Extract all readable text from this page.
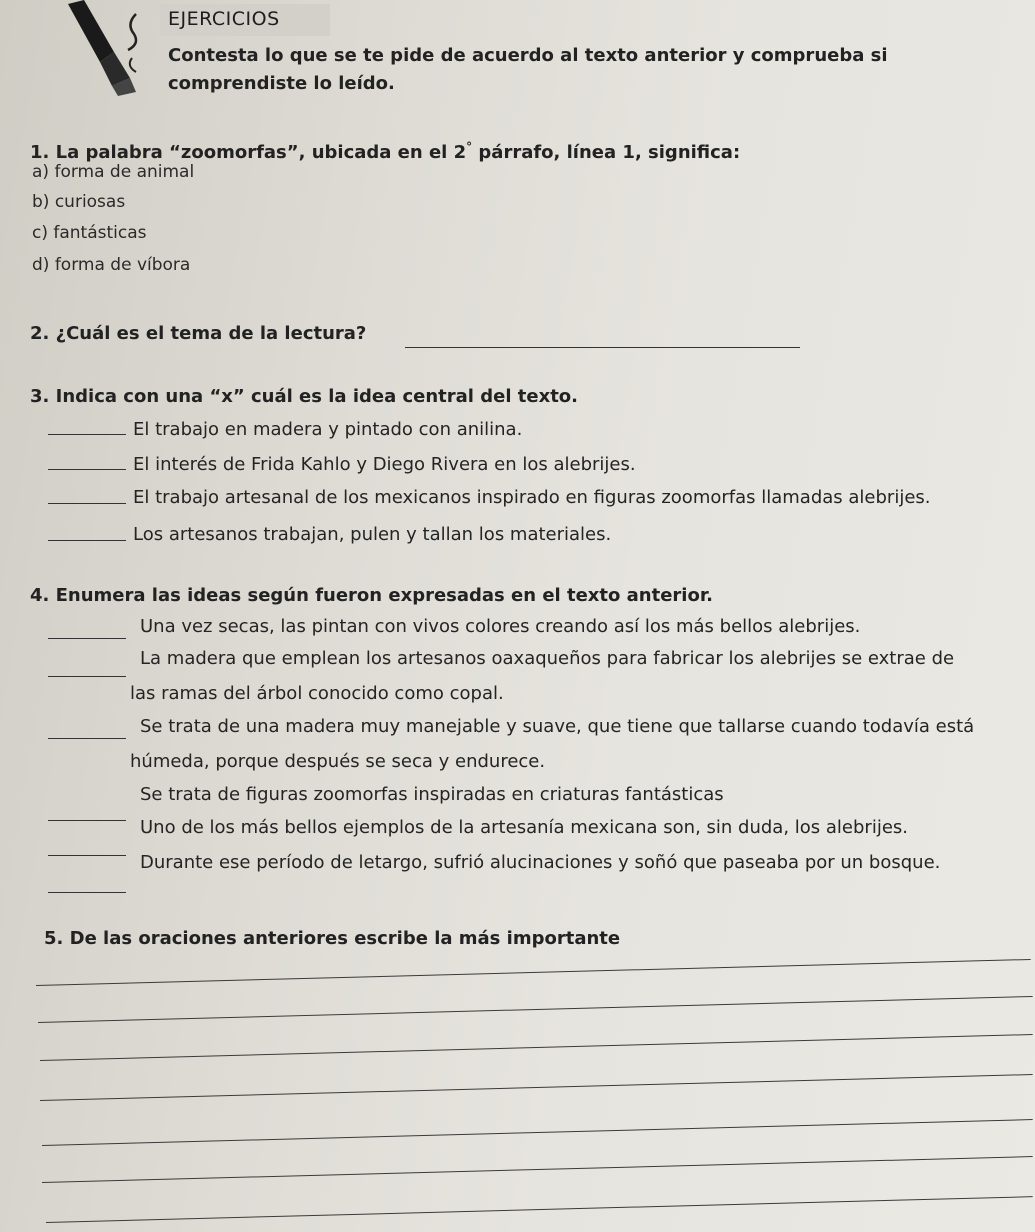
EJERCICIOS
Contesta lo que se te pide de acuerdo al texto anterior y comprueba si
comprendiste lo leído.
1. La palabra “zoomorfas”, ubicada en el 2° párrafo, línea 1, significa:
a) forma de animal
b) curiosas
c) fantásticas
d) forma de víbora
2. ¿Cuál es el tema de la lectura?
3. Indica con una “x” cuál es la idea central del texto.
El trabajo en madera y pintado con anilina.
El interés de Frida Kahlo y Diego Rivera en los alebrijes.
El trabajo artesanal de los mexicanos inspirado en figuras zoomorfas llamadas alebrijes.
Los artesanos trabajan, pulen y tallan los materiales.
4. Enumera las ideas según fueron expresadas en el texto anterior.
Una vez secas, las pintan con vivos colores creando así los más bellos alebrijes.
La madera que emplean los artesanos oaxaqueños para fabricar los alebrijes se extrae de
las ramas del árbol conocido como copal.
Se trata de una madera muy manejable y suave, que tiene que tallarse cuando todavía está
húmeda, porque después se seca y endurece.
Se trata de figuras zoomorfas inspiradas en criaturas fantásticas
Uno de los más bellos ejemplos de la artesanía mexicana son, sin duda, los alebrijes.
Durante ese período de letargo, sufrió alucinaciones y soñó que paseaba por un bosque.
5. De las oraciones anteriores escribe la más importante
